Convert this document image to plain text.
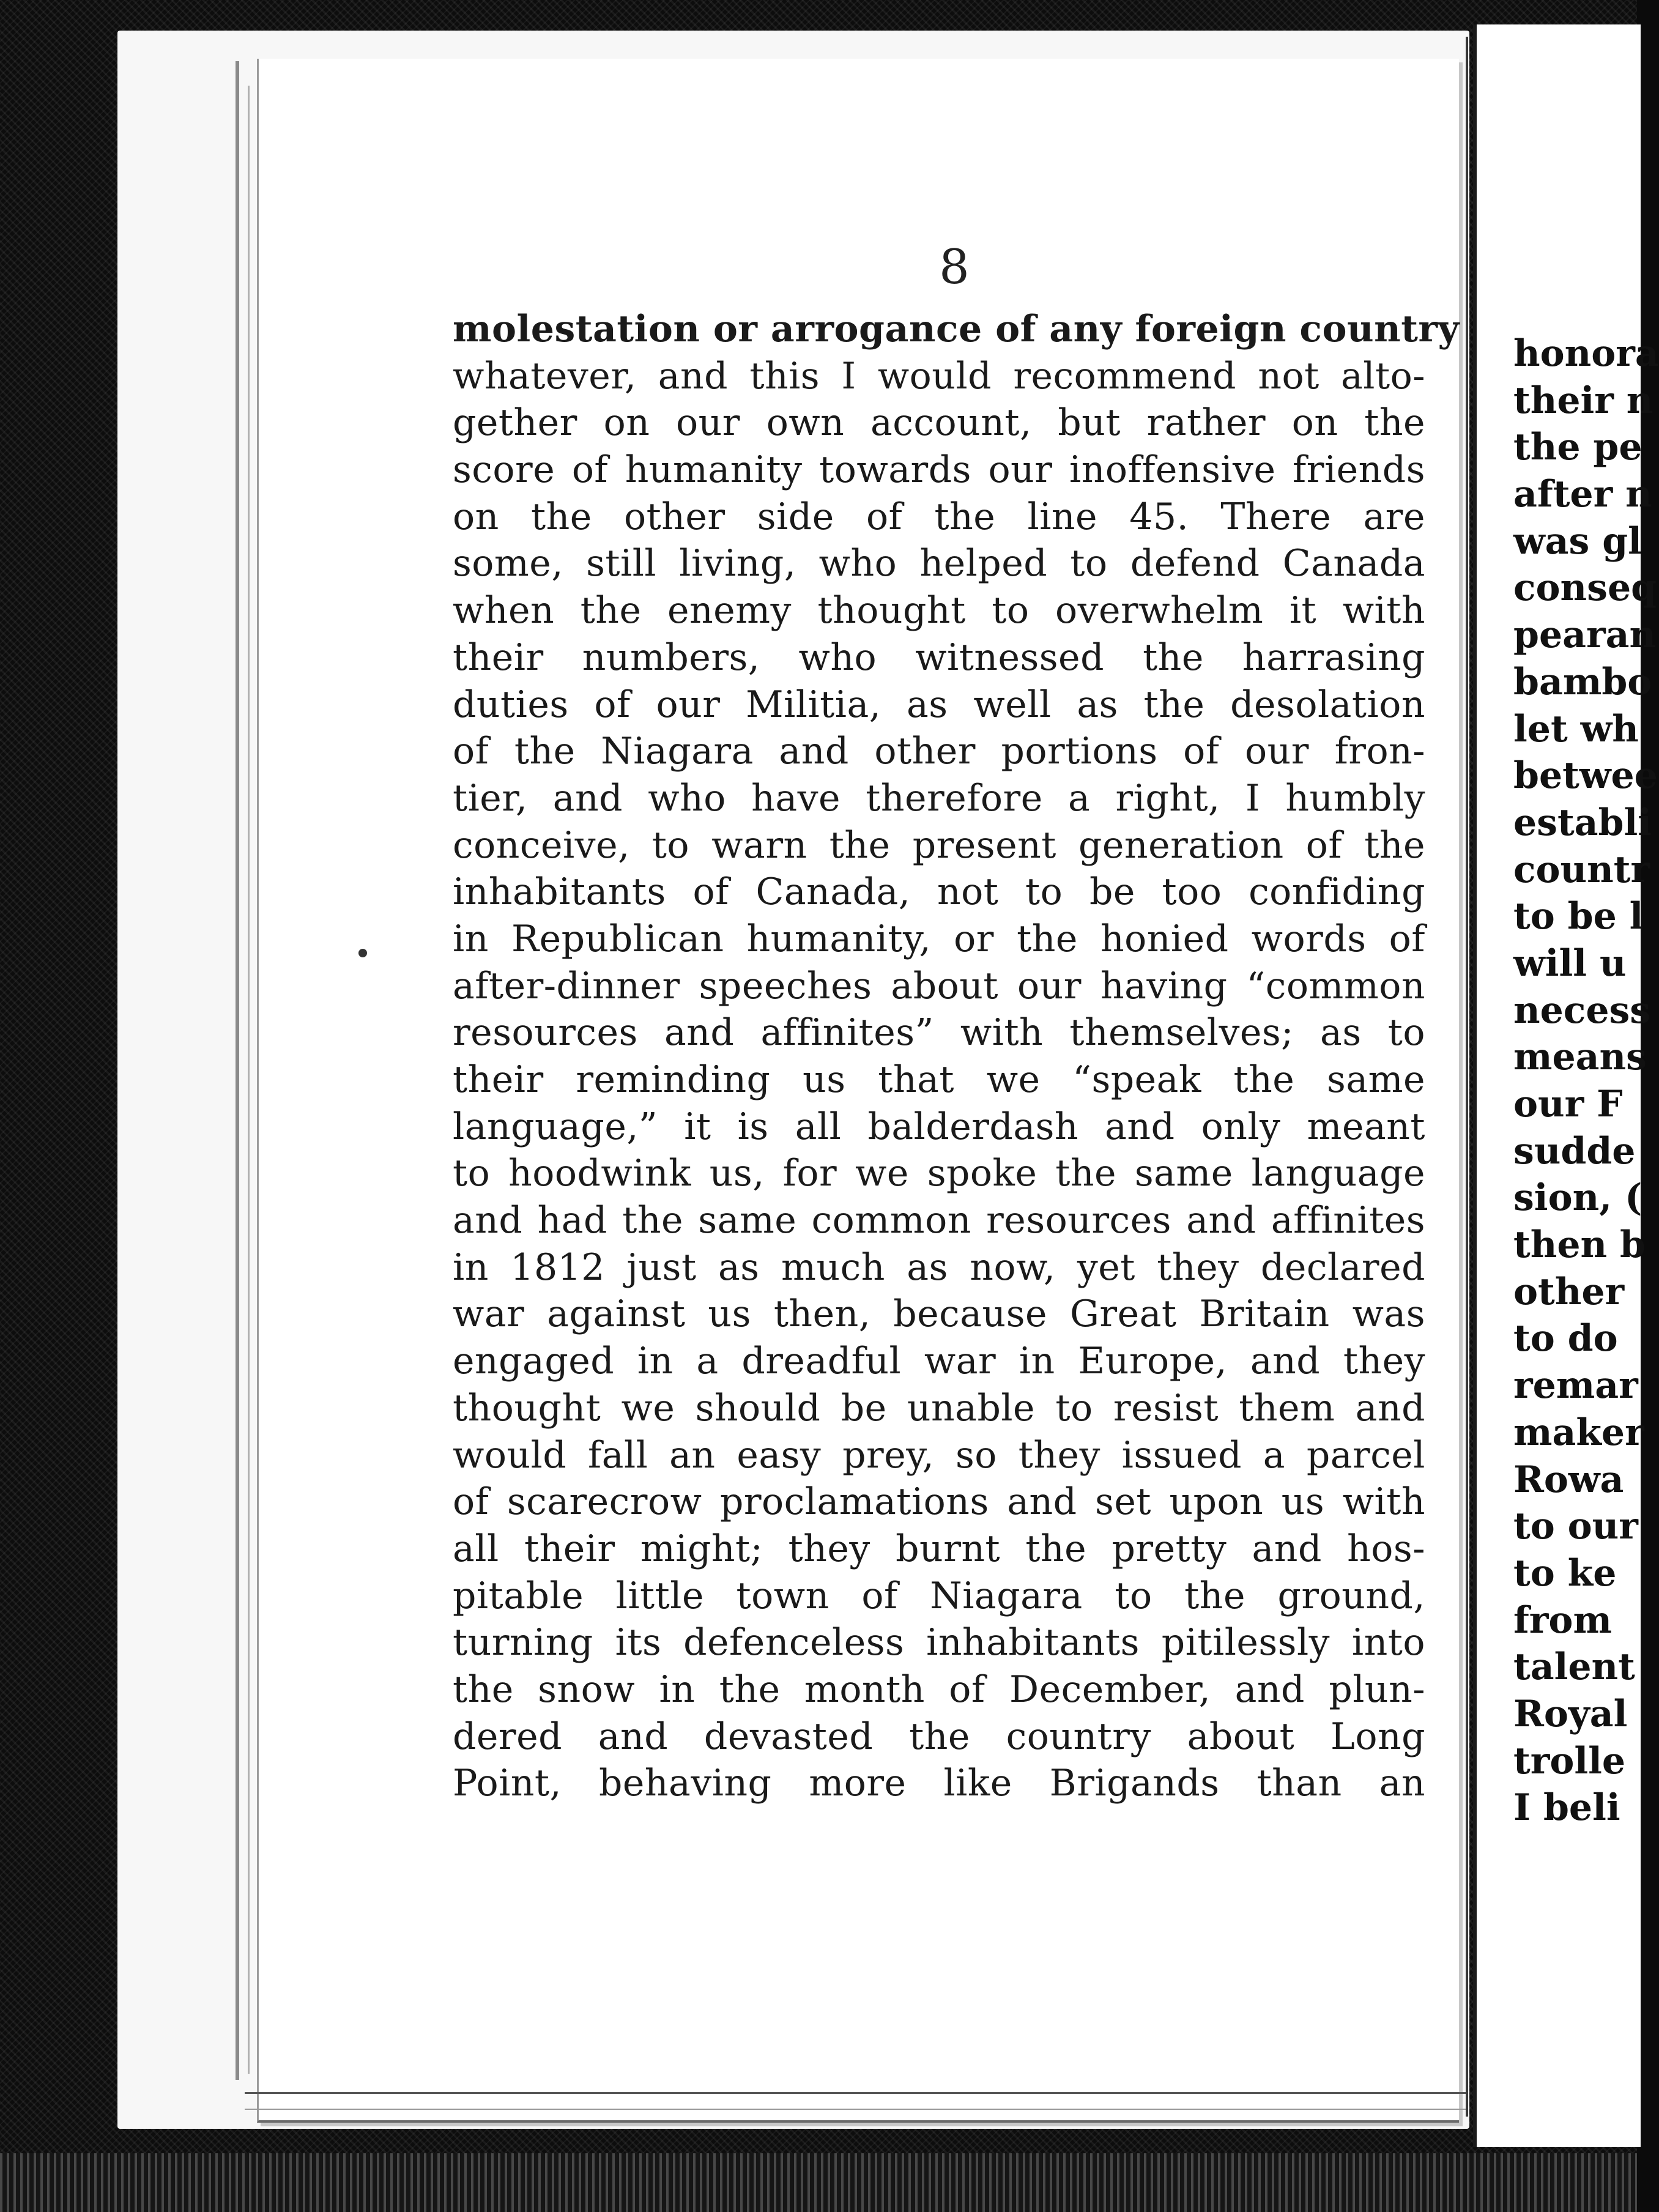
8
molestation or arrogance of any foreign country
whatever, and this I would recommend not alto-
gether on our own account, but rather on the
score of humanity towards our inoffensive friends
on the other side of the line 45. There are
some, still living, who helped to defend Canada
when the enemy thought to overwhelm it with
their numbers, who witnessed the harrasing
duties of our Militia, as well as the desolation
of the Niagara and other portions of our fron-
tier, and who have therefore a right, I humbly
conceive, to warn the present generation of the
inhabitants of Canada, not to be too confiding
in Republican humanity, or the honied words of
after-dinner speeches about our having “common
resources and affinites” with themselves; as to
their reminding us that we “speak the same
language,” it is all balderdash and only meant
to hoodwink us, for we spoke the same language
and had the same common resources and affinites
in 1812 just as much as now, yet they declared
war against us then, because Great Britain was
engaged in a dreadful war in Europe, and they
thought we should be unable to resist them and
would fall an easy prey, so they issued a parcel
of scarecrow proclamations and set upon us with
all their might; they burnt the pretty and hos-
pitable little town of Niagara to the ground,
turning its defenceless inhabitants pitilessly into
the snow in the month of December, and plun-
dered and devasted the country about Long
Point, behaving more like Brigands than an
honora
their n
the pe
after n
was gl
conseq
pearan
bambo
let wh
betwee
establi
countr
to be l
will u
necess
means
our F
sudde
sion, (
then b
other
to do
remar
maker
Rowa
to our
to ke
from
talent
Royal
trolle
I beli
